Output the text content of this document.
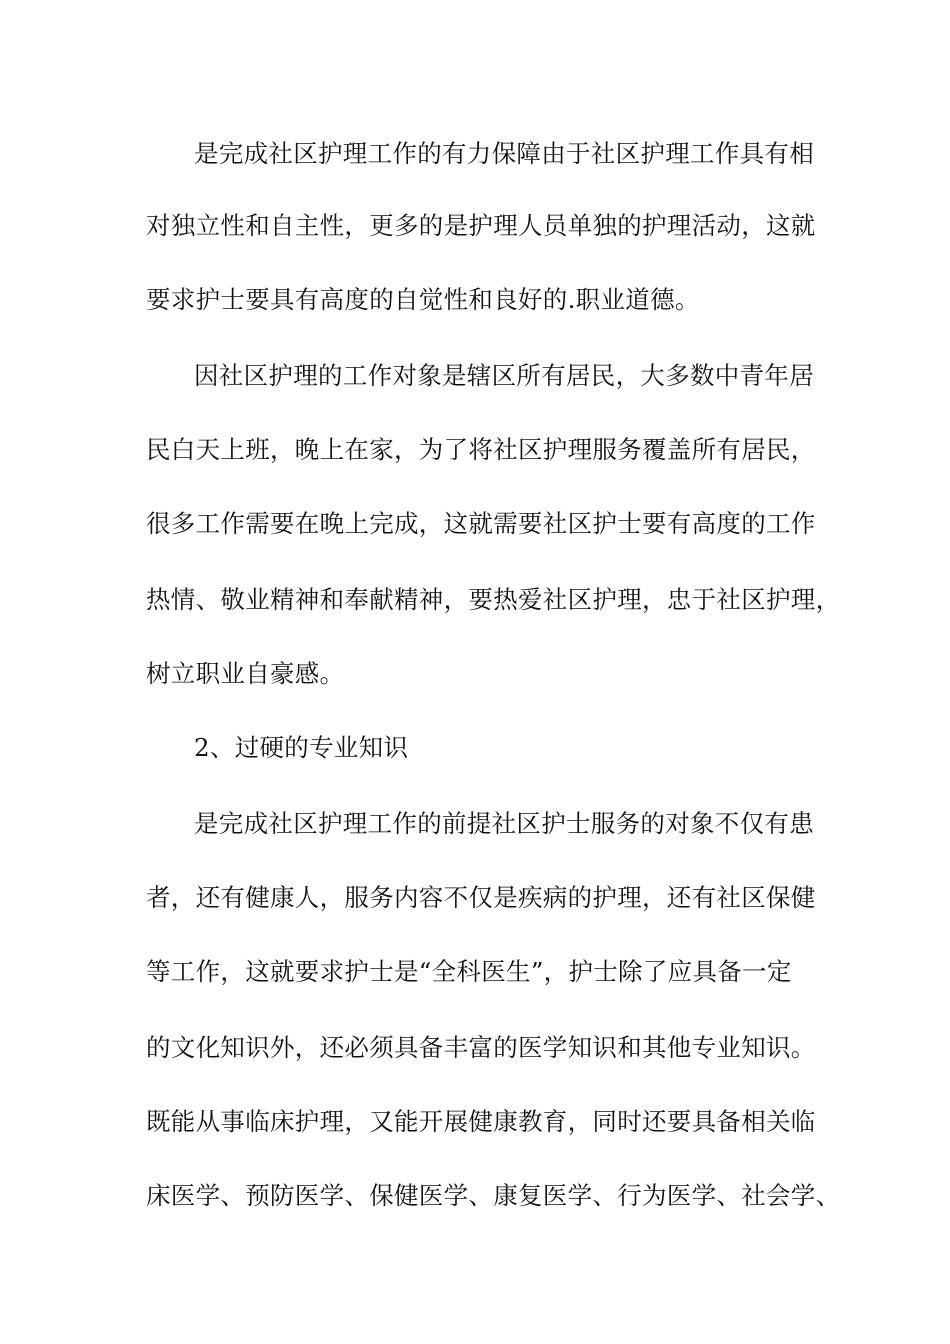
是完成社区护理工作的有力保障由于社区护理工作具有相
对独立性和自主性，更多的是护理人员单独的护理活动，这就
要求护士要具有高度的自觉性和良好的.职业道德。
因社区护理的工作对象是辖区所有居民，大多数中青年居
民白天上班，晚上在家，为了将社区护理服务覆盖所有居民，
很多工作需要在晚上完成，这就需要社区护士要有高度的工作
热情、敬业精神和奉献精神，要热爱社区护理，忠于社区护理，
树立职业自豪感。
2、过硬的专业知识
是完成社区护理工作的前提社区护士服务的对象不仅有患
者，还有健康人，服务内容不仅是疾病的护理，还有社区保健
等工作，这就要求护士是“全科医生”，护士除了应具备一定
的文化知识外，还必须具备丰富的医学知识和其他专业知识。
既能从事临床护理，又能开展健康教育，同时还要具备相关临
床医学、预防医学、保健医学、康复医学、行为医学、社会学、
